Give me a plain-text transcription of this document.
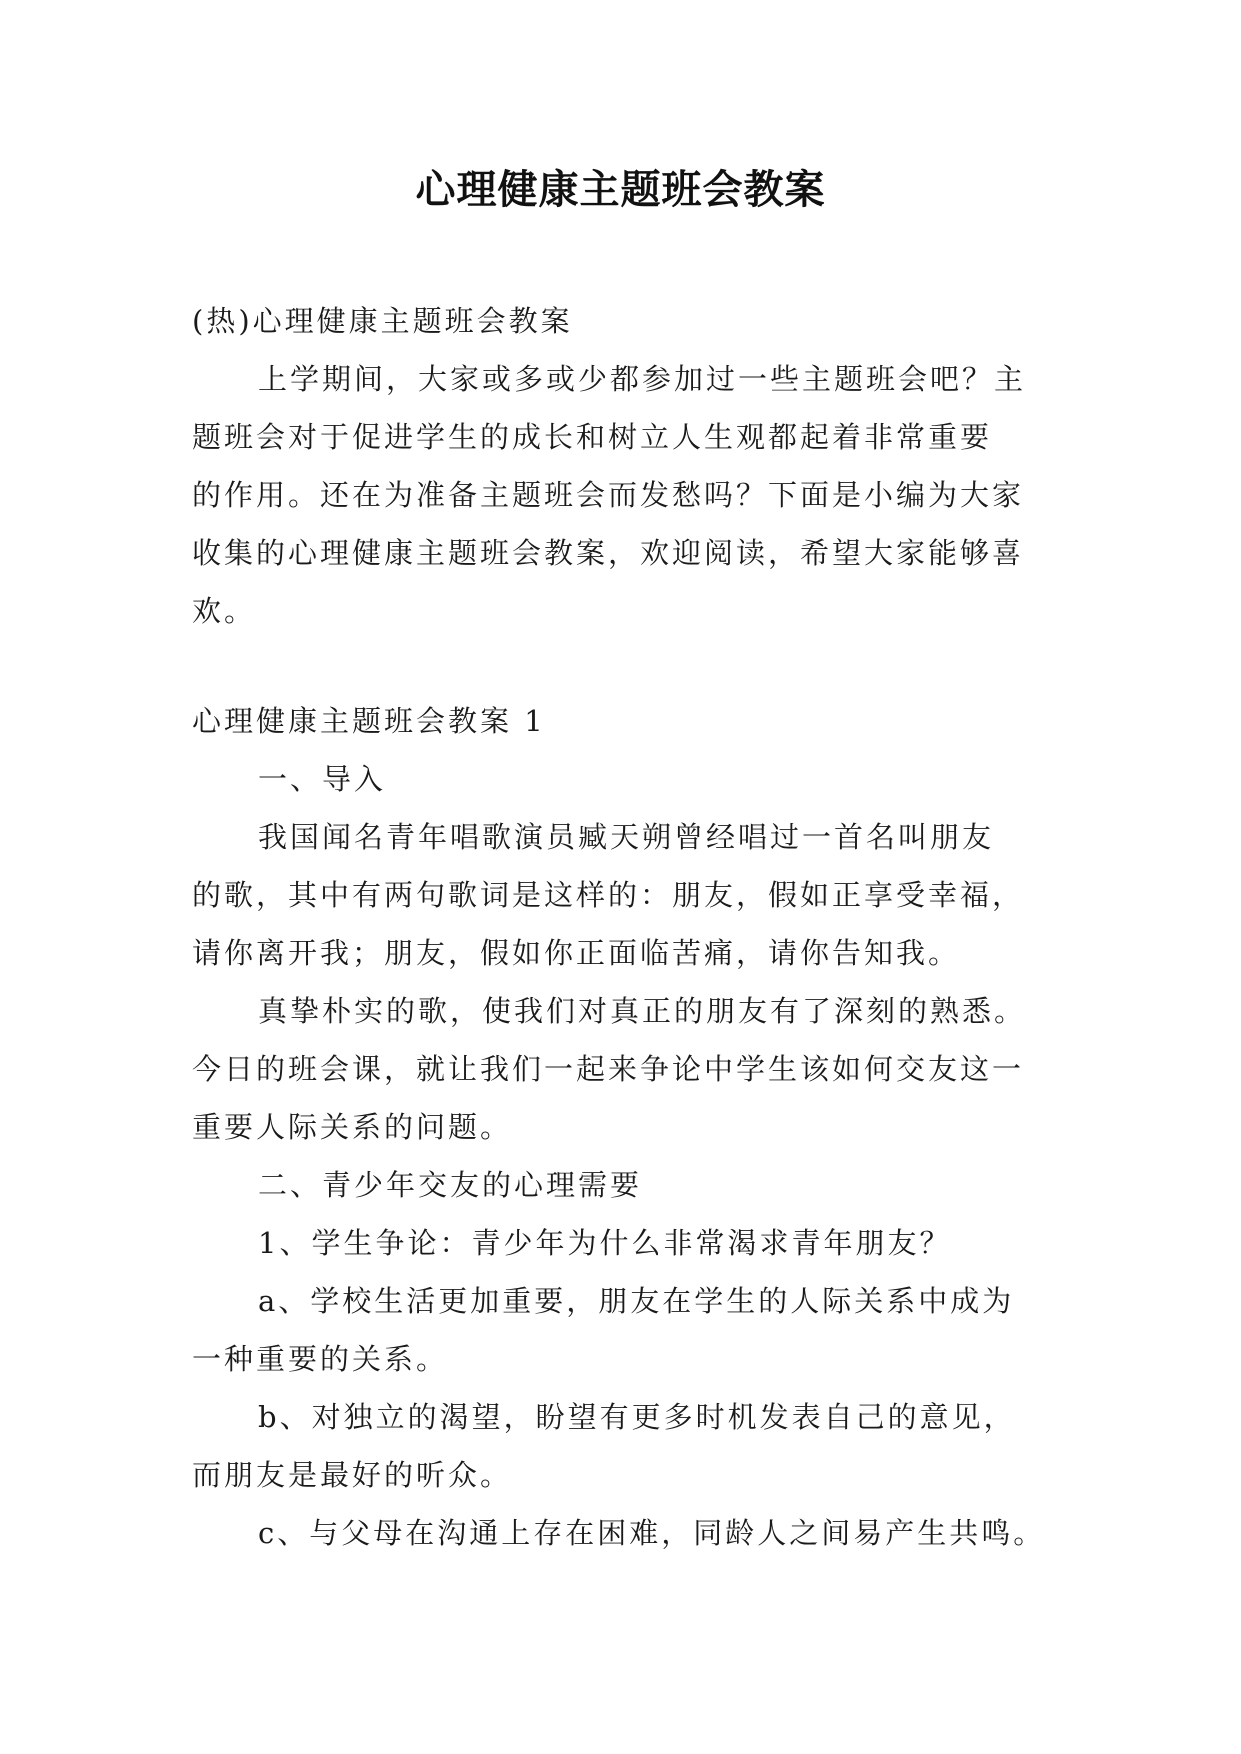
心理健康主题班会教案
(热)心理健康主题班会教案
上学期间，大家或多或少都参加过一些主题班会吧？主
题班会对于促进学生的成长和树立人生观都起着非常重要
的作用。还在为准备主题班会而发愁吗？下面是小编为大家
收集的心理健康主题班会教案，欢迎阅读，希望大家能够喜
欢。
心理健康主题班会教案 1
一、导入
我国闻名青年唱歌演员臧天朔曾经唱过一首名叫朋友
的歌，其中有两句歌词是这样的：朋友，假如正享受幸福，
请你离开我；朋友，假如你正面临苦痛，请你告知我。
真挚朴实的歌，使我们对真正的朋友有了深刻的熟悉。
今日的班会课，就让我们一起来争论中学生该如何交友这一
重要人际关系的问题。
二、青少年交友的心理需要
1、学生争论：青少年为什么非常渴求青年朋友？
a、学校生活更加重要，朋友在学生的人际关系中成为
一种重要的关系。
b、对独立的渴望，盼望有更多时机发表自己的意见，
而朋友是最好的听众。
c、与父母在沟通上存在困难，同龄人之间易产生共鸣。
